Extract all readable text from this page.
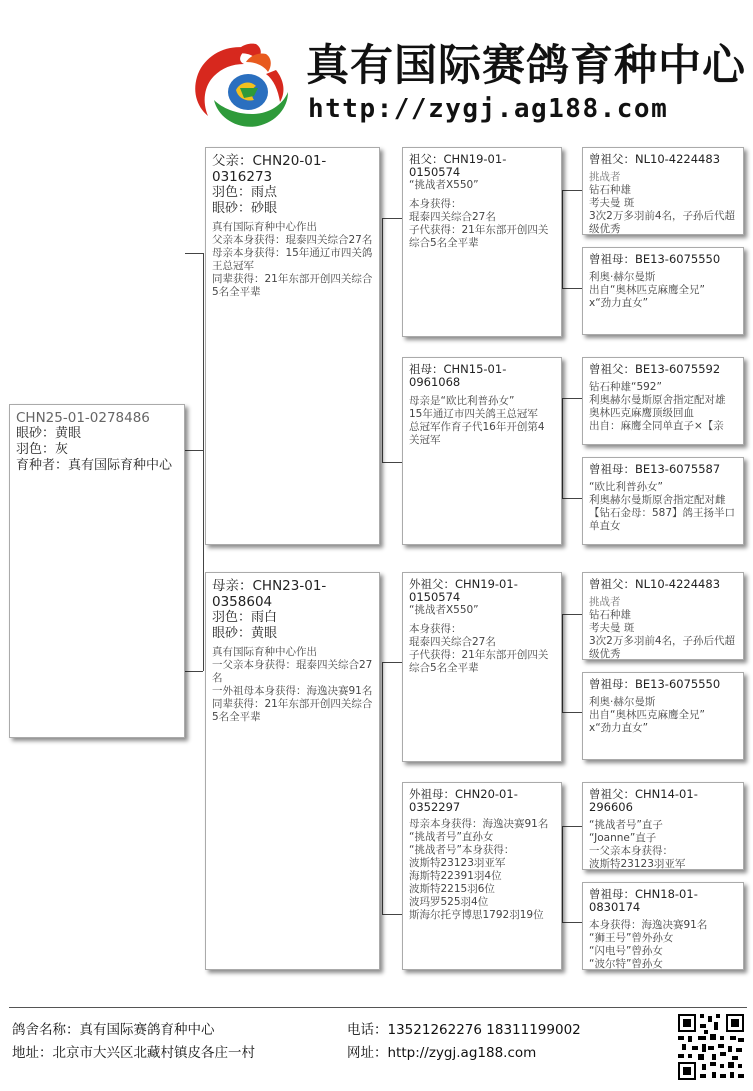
真有国际赛鸽育种中心
http://zygj.ag188.com
CHN25-01-0278486
眼砂：黄眼
羽色：灰
育种者：真有国际育种中心
父亲：CHN20-01-0316273
羽色：雨点
眼砂：砂眼
真有国际育种中心作出
父亲本身获得：琨泰四关综合27名
母亲本身获得：15年通辽市四关鸽王总冠军
同辈获得：21年东部开创四关综合5名全平辈
母亲：CHN23-01-0358604
羽色：雨白
眼砂：黄眼
真有国际育种中心作出
一父亲本身获得：琨泰四关综合27名
一外祖母本身获得：海逸决赛91名
同辈获得：21年东部开创四关综合5名全平辈
祖父：CHN19-01-0150574
“挑战者X550”
本身获得：
琨泰四关综合27名
子代获得：21年东部开创四关综合5名全平辈
祖母：CHN15-01-0961068
母亲是“欧比利普孙女”
15年通辽市四关鸽王总冠军
总冠军作育子代16年开创第4关冠军
外祖父：CHN19-01-0150574
“挑战者X550”
本身获得：
琨泰四关综合27名
子代获得：21年东部开创四关综合5名全平辈
外祖母：CHN20-01-0352297
母亲本身获得：海逸决赛91名
“挑战者号”直孙女
“挑战者号”本身获得：
波斯特23123羽亚军
海斯特22391羽4位
波斯特2215羽6位
波玛罗525羽4位
斯海尔托亨博思1792羽19位
曾祖父：NL10-4224483
挑战者
钻石种雄
考夫曼 斑
3次2万多羽前4名，子孙后代超级优秀
曾祖母：BE13-6075550
利奥·赫尔曼斯
出自“奥林匹克麻鹰全兄”
x“劲力直女”
曾祖父：BE13-6075592
钻石种雄“592”
利奥赫尔曼斯原舍指定配对雄
奥林匹克麻鹰顶级回血
出自：麻鹰全同单直子×【亲
曾祖母：BE13-6075587
“欧比利普孙女”
利奥赫尔曼斯原舍指定配对雌
【钻石金母：587】鸽王扬半口单直女
曾祖父：NL10-4224483
挑战者
钻石种雄
考夫曼 斑
3次2万多羽前4名，子孙后代超级优秀
曾祖母：BE13-6075550
利奥·赫尔曼斯
出自“奥林匹克麻鹰全兄”
x“劲力直女”
曾祖父：CHN14-01-296606
“挑战者号”直子
“Joanne”直子
一父亲本身获得：
波斯特23123羽亚军
曾祖母：CHN18-01-0830174
本身获得：海逸决赛91名
“狮王号”曾外孙女
“闪电号”曾孙女
“波尔特”曾孙女
鸽舍名称：真有国际赛鸽育种中心
地址：北京市大兴区北藏村镇皮各庄一村
电话：13521262276 18311199002
网址：http://zygj.ag188.com
